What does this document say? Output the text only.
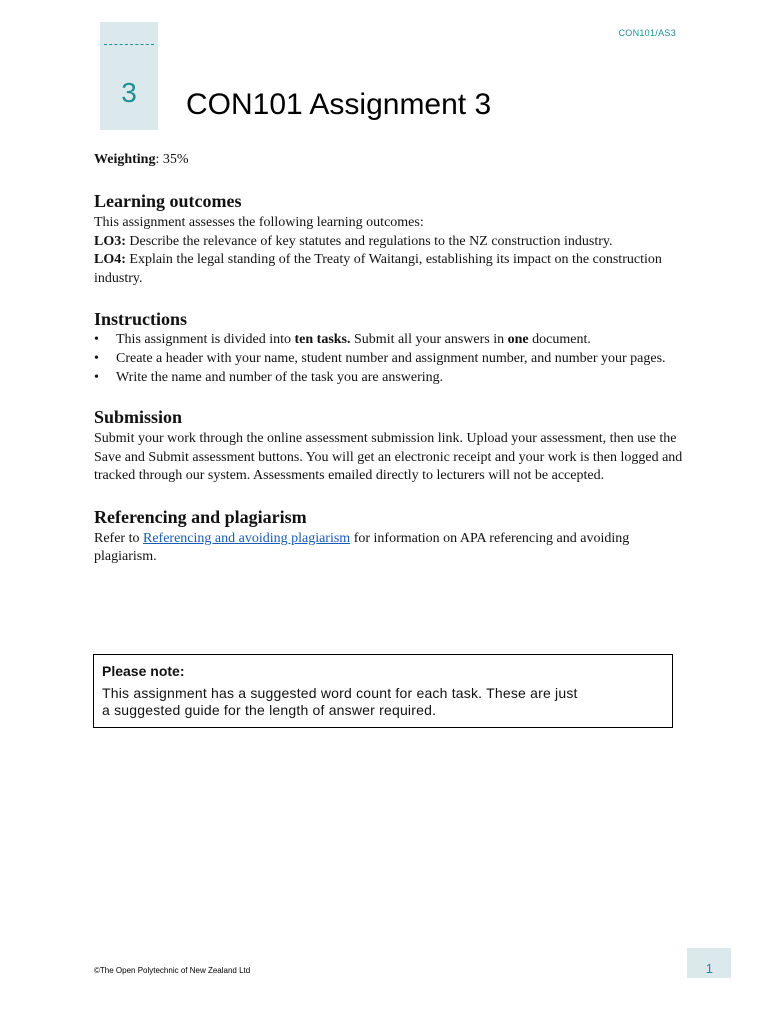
CON101/AS3
3	CON101 Assignment 3

Weighting: 35%

Learning outcomes

This assignment assesses the following learning outcomes:

LO3: Describe the relevance of key statutes and regulations to the NZ construction industry.

LO4: Explain the legal standing of the Treaty of Waitangi, establishing its impact on the construction industry.

Instructions
• This assignment is divided into ten tasks. Submit all your answers in one document.
• Create a header with your name, student number and assignment number, and number your pages.
• Write the name and number of the task you are answering.
Submission

Submit your work through the online assessment submission link. Upload your assessment, then use the Save and Submit assessment buttons. You will get an electronic receipt and your work is then logged and tracked through our system. Assessments emailed directly to lecturers will not be accepted.

Referencing and plagiarism

Refer to Referencing and avoiding plagiarism for information on APA referencing and avoiding plagiarism.

Please note:

This assignment has a suggested word count for each task. These are just
a suggested guide for the length of answer required.

©The Open Polytechnic of New Zealand Ltd	1
